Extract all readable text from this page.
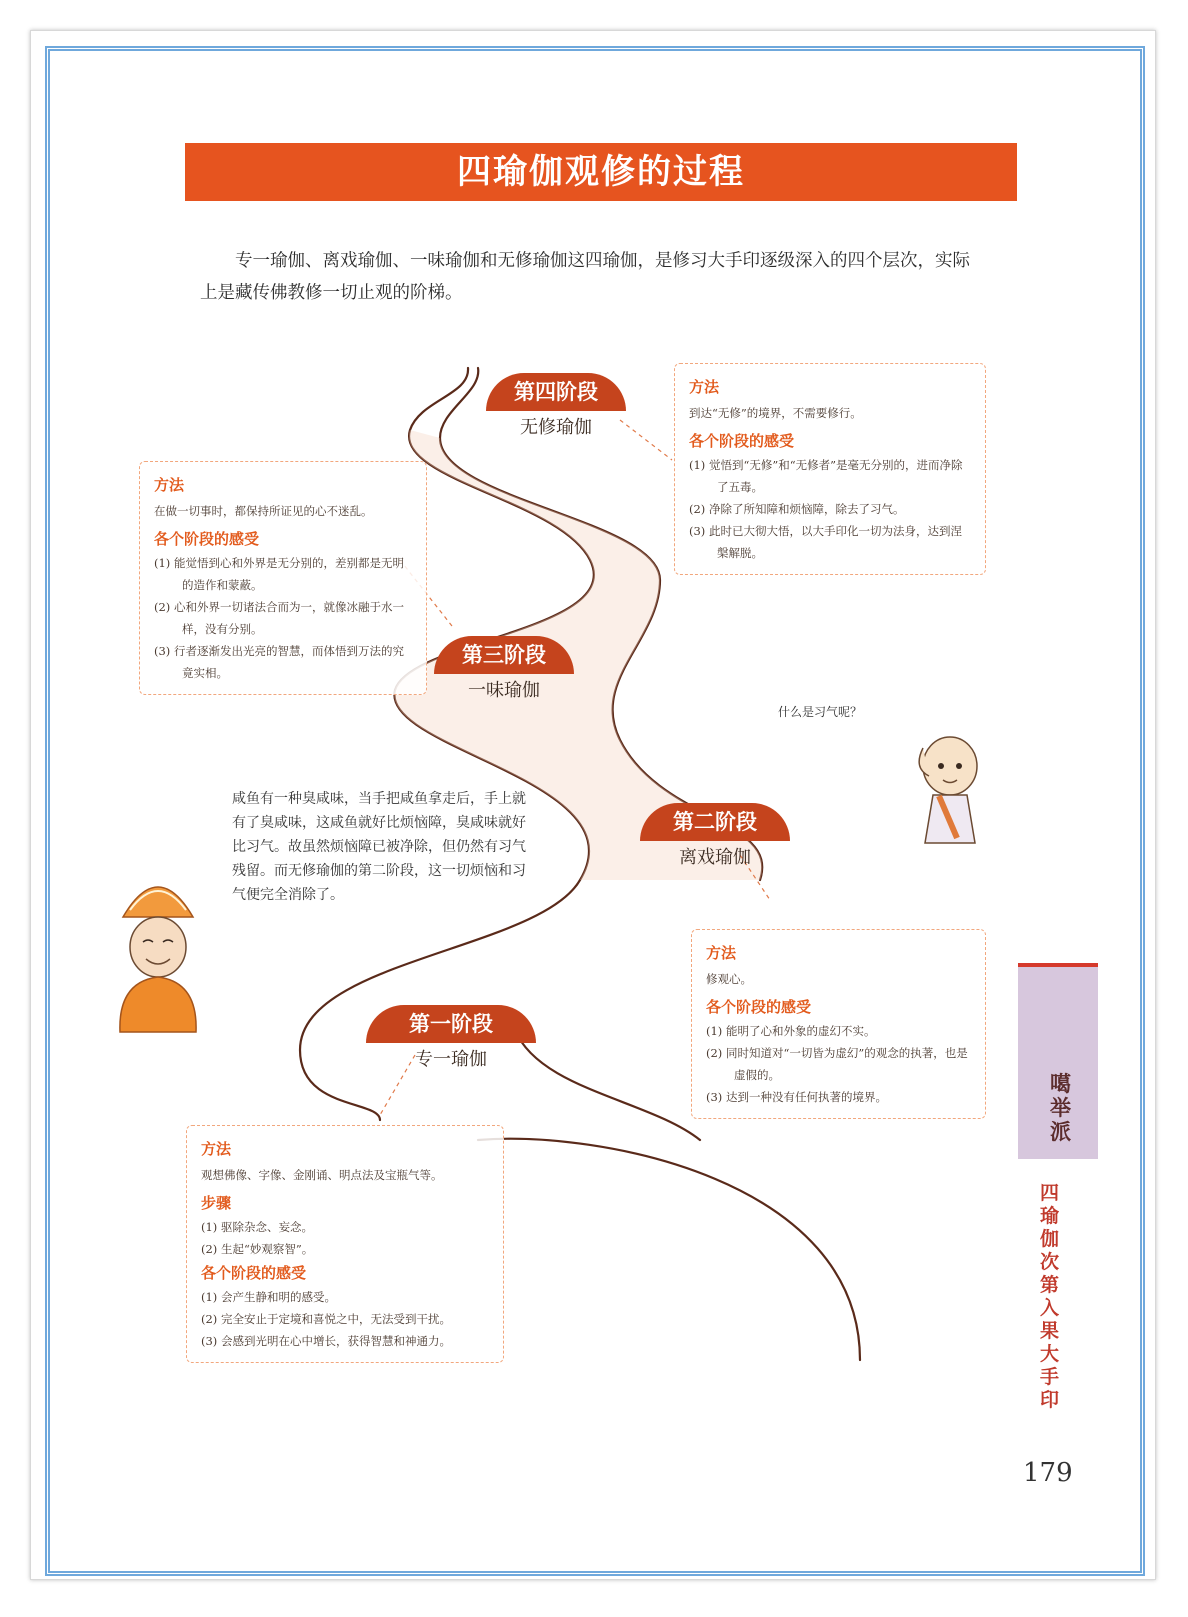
四瑜伽观修的过程
专一瑜伽、离戏瑜伽、一味瑜伽和无修瑜伽这四瑜伽，是修习大手印逐级深入的四个层次，实际上是藏传佛教修一切止观的阶梯。
第四阶段
无修瑜伽
第三阶段
一味瑜伽
第二阶段
离戏瑜伽
第一阶段
专一瑜伽
方法
到达“无修”的境界，不需要修行。
各个阶段的感受
(1) 觉悟到“无修”和“无修者”是毫无分别的，进而净除了五毒。
(2) 净除了所知障和烦恼障，除去了习气。
(3) 此时已大彻大悟，以大手印化一切为法身，达到涅槃解脱。
方法
在做一切事时，都保持所证见的心不迷乱。
各个阶段的感受
(1) 能觉悟到心和外界是无分别的，差别都是无明的造作和蒙蔽。
(2) 心和外界一切诸法合而为一，就像冰融于水一样，没有分别。
(3) 行者逐渐发出光亮的智慧，而体悟到万法的究竟实相。
方法
修观心。
各个阶段的感受
(1) 能明了心和外象的虚幻不实。
(2) 同时知道对“一切皆为虚幻”的观念的执著，也是虚假的。
(3) 达到一种没有任何执著的境界。
方法
观想佛像、字像、金刚诵、明点法及宝瓶气等。
步骤
(1) 驱除杂念、妄念。
(2) 生起“妙观察智”。
各个阶段的感受
(1) 会产生静和明的感受。
(2) 完全安止于定境和喜悦之中，无法受到干扰。
(3) 会感到光明在心中增长，获得智慧和神通力。
咸鱼有一种臭咸味，当手把咸鱼拿走后，手上就有了臭咸味，这咸鱼就好比烦恼障，臭咸味就好比习气。故虽然烦恼障已被净除，但仍然有习气残留。而无修瑜伽的第二阶段，这一切烦恼和习气便完全消除了。
什么是习气呢？
噶举派
四瑜伽次第入果大手印
179
